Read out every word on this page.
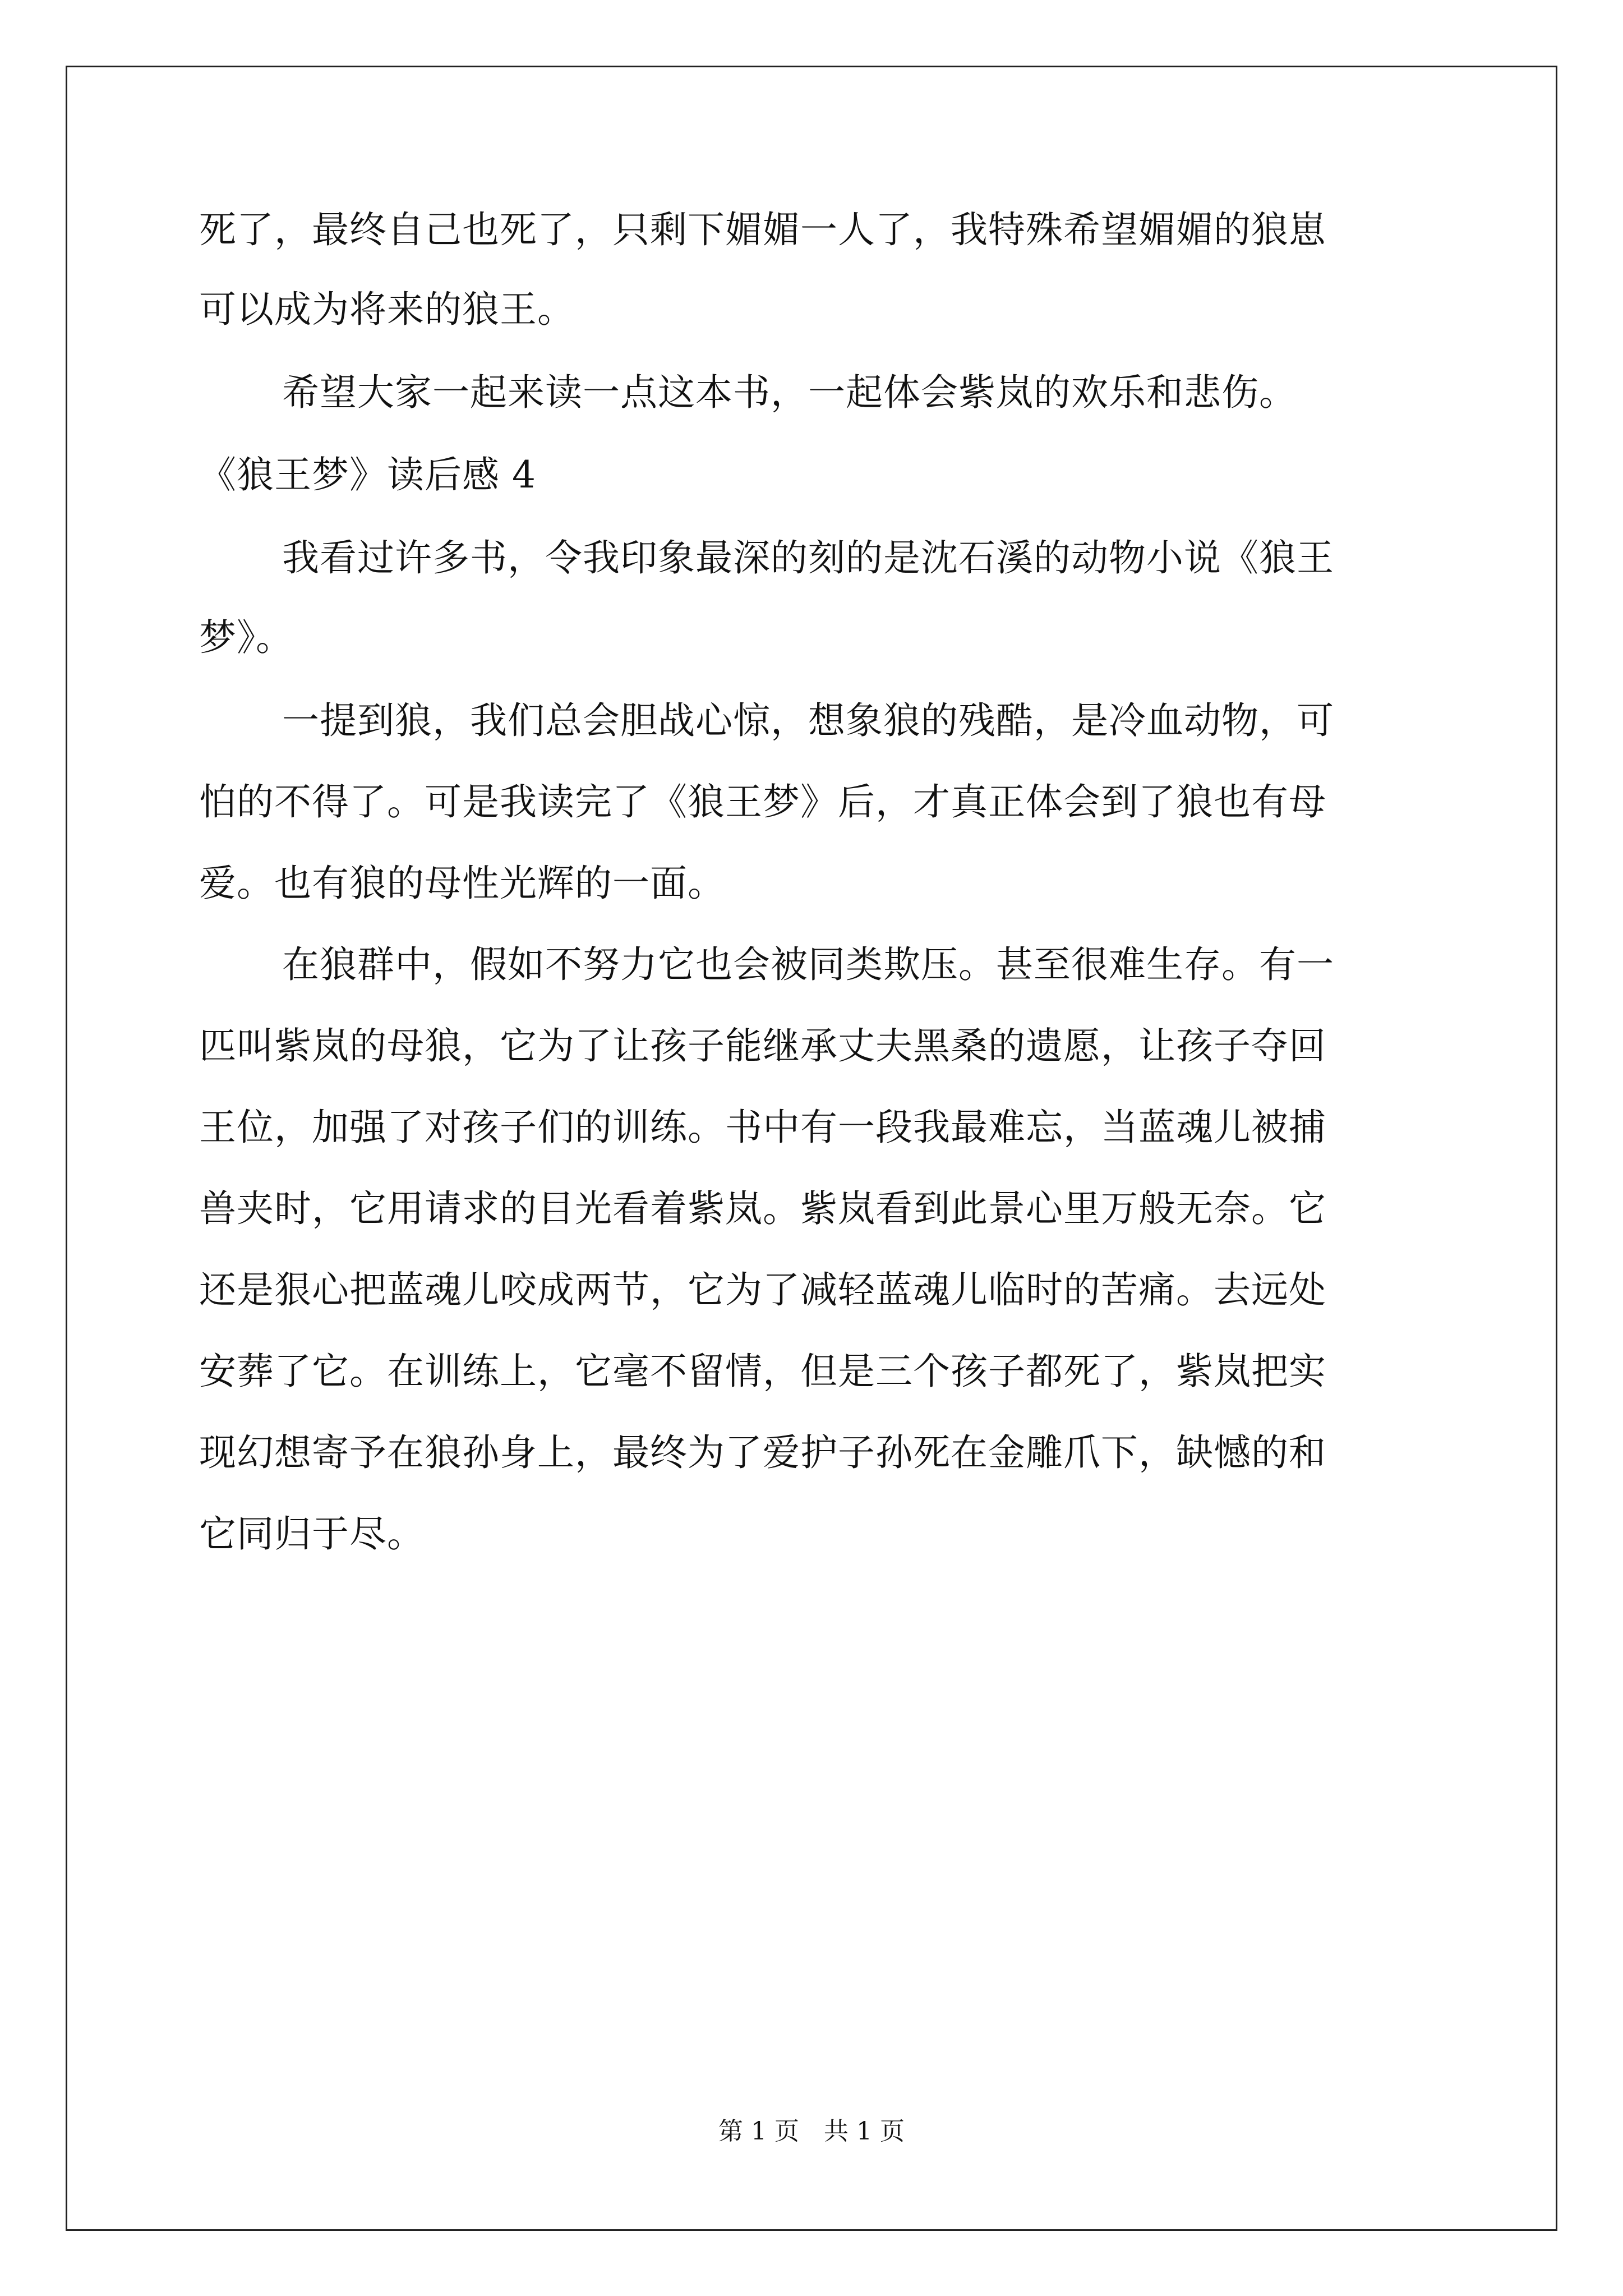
死了，最终自己也死了，只剩下媚媚一人了，我特殊希望媚媚的狼崽
可以成为将来的狼王。
希望大家一起来读一点这本书，一起体会紫岚的欢乐和悲伤。
《狼王梦》读后感 4
我看过许多书，令我印象最深的刻的是沈石溪的动物小说《狼王
梦》。
一提到狼，我们总会胆战心惊，想象狼的残酷，是冷血动物，可
怕的不得了。可是我读完了《狼王梦》后，才真正体会到了狼也有母
爱。也有狼的母性光辉的一面。
在狼群中，假如不努力它也会被同类欺压。甚至很难生存。有一
匹叫紫岚的母狼，它为了让孩子能继承丈夫黑桑的遗愿，让孩子夺回
王位，加强了对孩子们的训练。书中有一段我最难忘，当蓝魂儿被捕
兽夹时，它用请求的目光看着紫岚。紫岚看到此景心里万般无奈。它
还是狠心把蓝魂儿咬成两节，它为了减轻蓝魂儿临时的苦痛。去远处
安葬了它。在训练上，它毫不留情，但是三个孩子都死了，紫岚把实
现幻想寄予在狼孙身上，最终为了爱护子孙死在金雕爪下，缺憾的和
它同归于尽。
第 1 页　共 1 页
